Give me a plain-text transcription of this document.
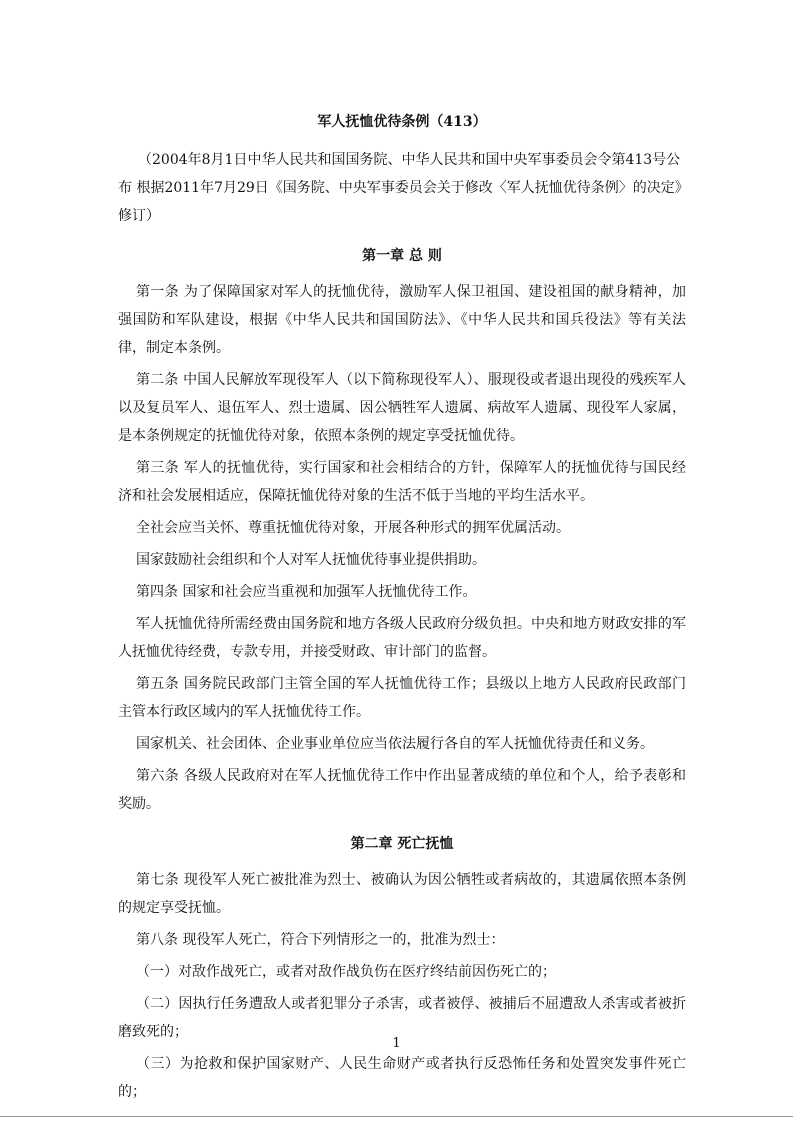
军人抚恤优待条例（413）
（2004年8月1日中华人民共和国国务院、中华人民共和国中央军事委员会令第413号公布 根据2011年7月29日《国务院、中央军事委员会关于修改〈军人抚恤优待条例〉的决定》修订）
第一章 总 则
第一条 为了保障国家对军人的抚恤优待，激励军人保卫祖国、建设祖国的献身精神，加强国防和军队建设，根据《中华人民共和国国防法》、《中华人民共和国兵役法》等有关法律，制定本条例。
第二条 中国人民解放军现役军人（以下简称现役军人）、服现役或者退出现役的残疾军人以及复员军人、退伍军人、烈士遗属、因公牺牲军人遗属、病故军人遗属、现役军人家属，是本条例规定的抚恤优待对象，依照本条例的规定享受抚恤优待。
第三条 军人的抚恤优待，实行国家和社会相结合的方针，保障军人的抚恤优待与国民经济和社会发展相适应，保障抚恤优待对象的生活不低于当地的平均生活水平。
全社会应当关怀、尊重抚恤优待对象，开展各种形式的拥军优属活动。
国家鼓励社会组织和个人对军人抚恤优待事业提供捐助。
第四条 国家和社会应当重视和加强军人抚恤优待工作。
军人抚恤优待所需经费由国务院和地方各级人民政府分级负担。中央和地方财政安排的军人抚恤优待经费，专款专用，并接受财政、审计部门的监督。
第五条 国务院民政部门主管全国的军人抚恤优待工作；县级以上地方人民政府民政部门主管本行政区域内的军人抚恤优待工作。
国家机关、社会团体、企业事业单位应当依法履行各自的军人抚恤优待责任和义务。
第六条 各级人民政府对在军人抚恤优待工作中作出显著成绩的单位和个人，给予表彰和奖励。
第二章 死亡抚恤
第七条 现役军人死亡被批准为烈士、被确认为因公牺牲或者病故的，其遗属依照本条例的规定享受抚恤。
第八条 现役军人死亡，符合下列情形之一的，批准为烈士：
（一）对敌作战死亡，或者对敌作战负伤在医疗终结前因伤死亡的；
（二）因执行任务遭敌人或者犯罪分子杀害，或者被俘、被捕后不屈遭敌人杀害或者被折磨致死的；
（三）为抢救和保护国家财产、人民生命财产或者执行反恐怖任务和处置突发事件死亡的；
1
